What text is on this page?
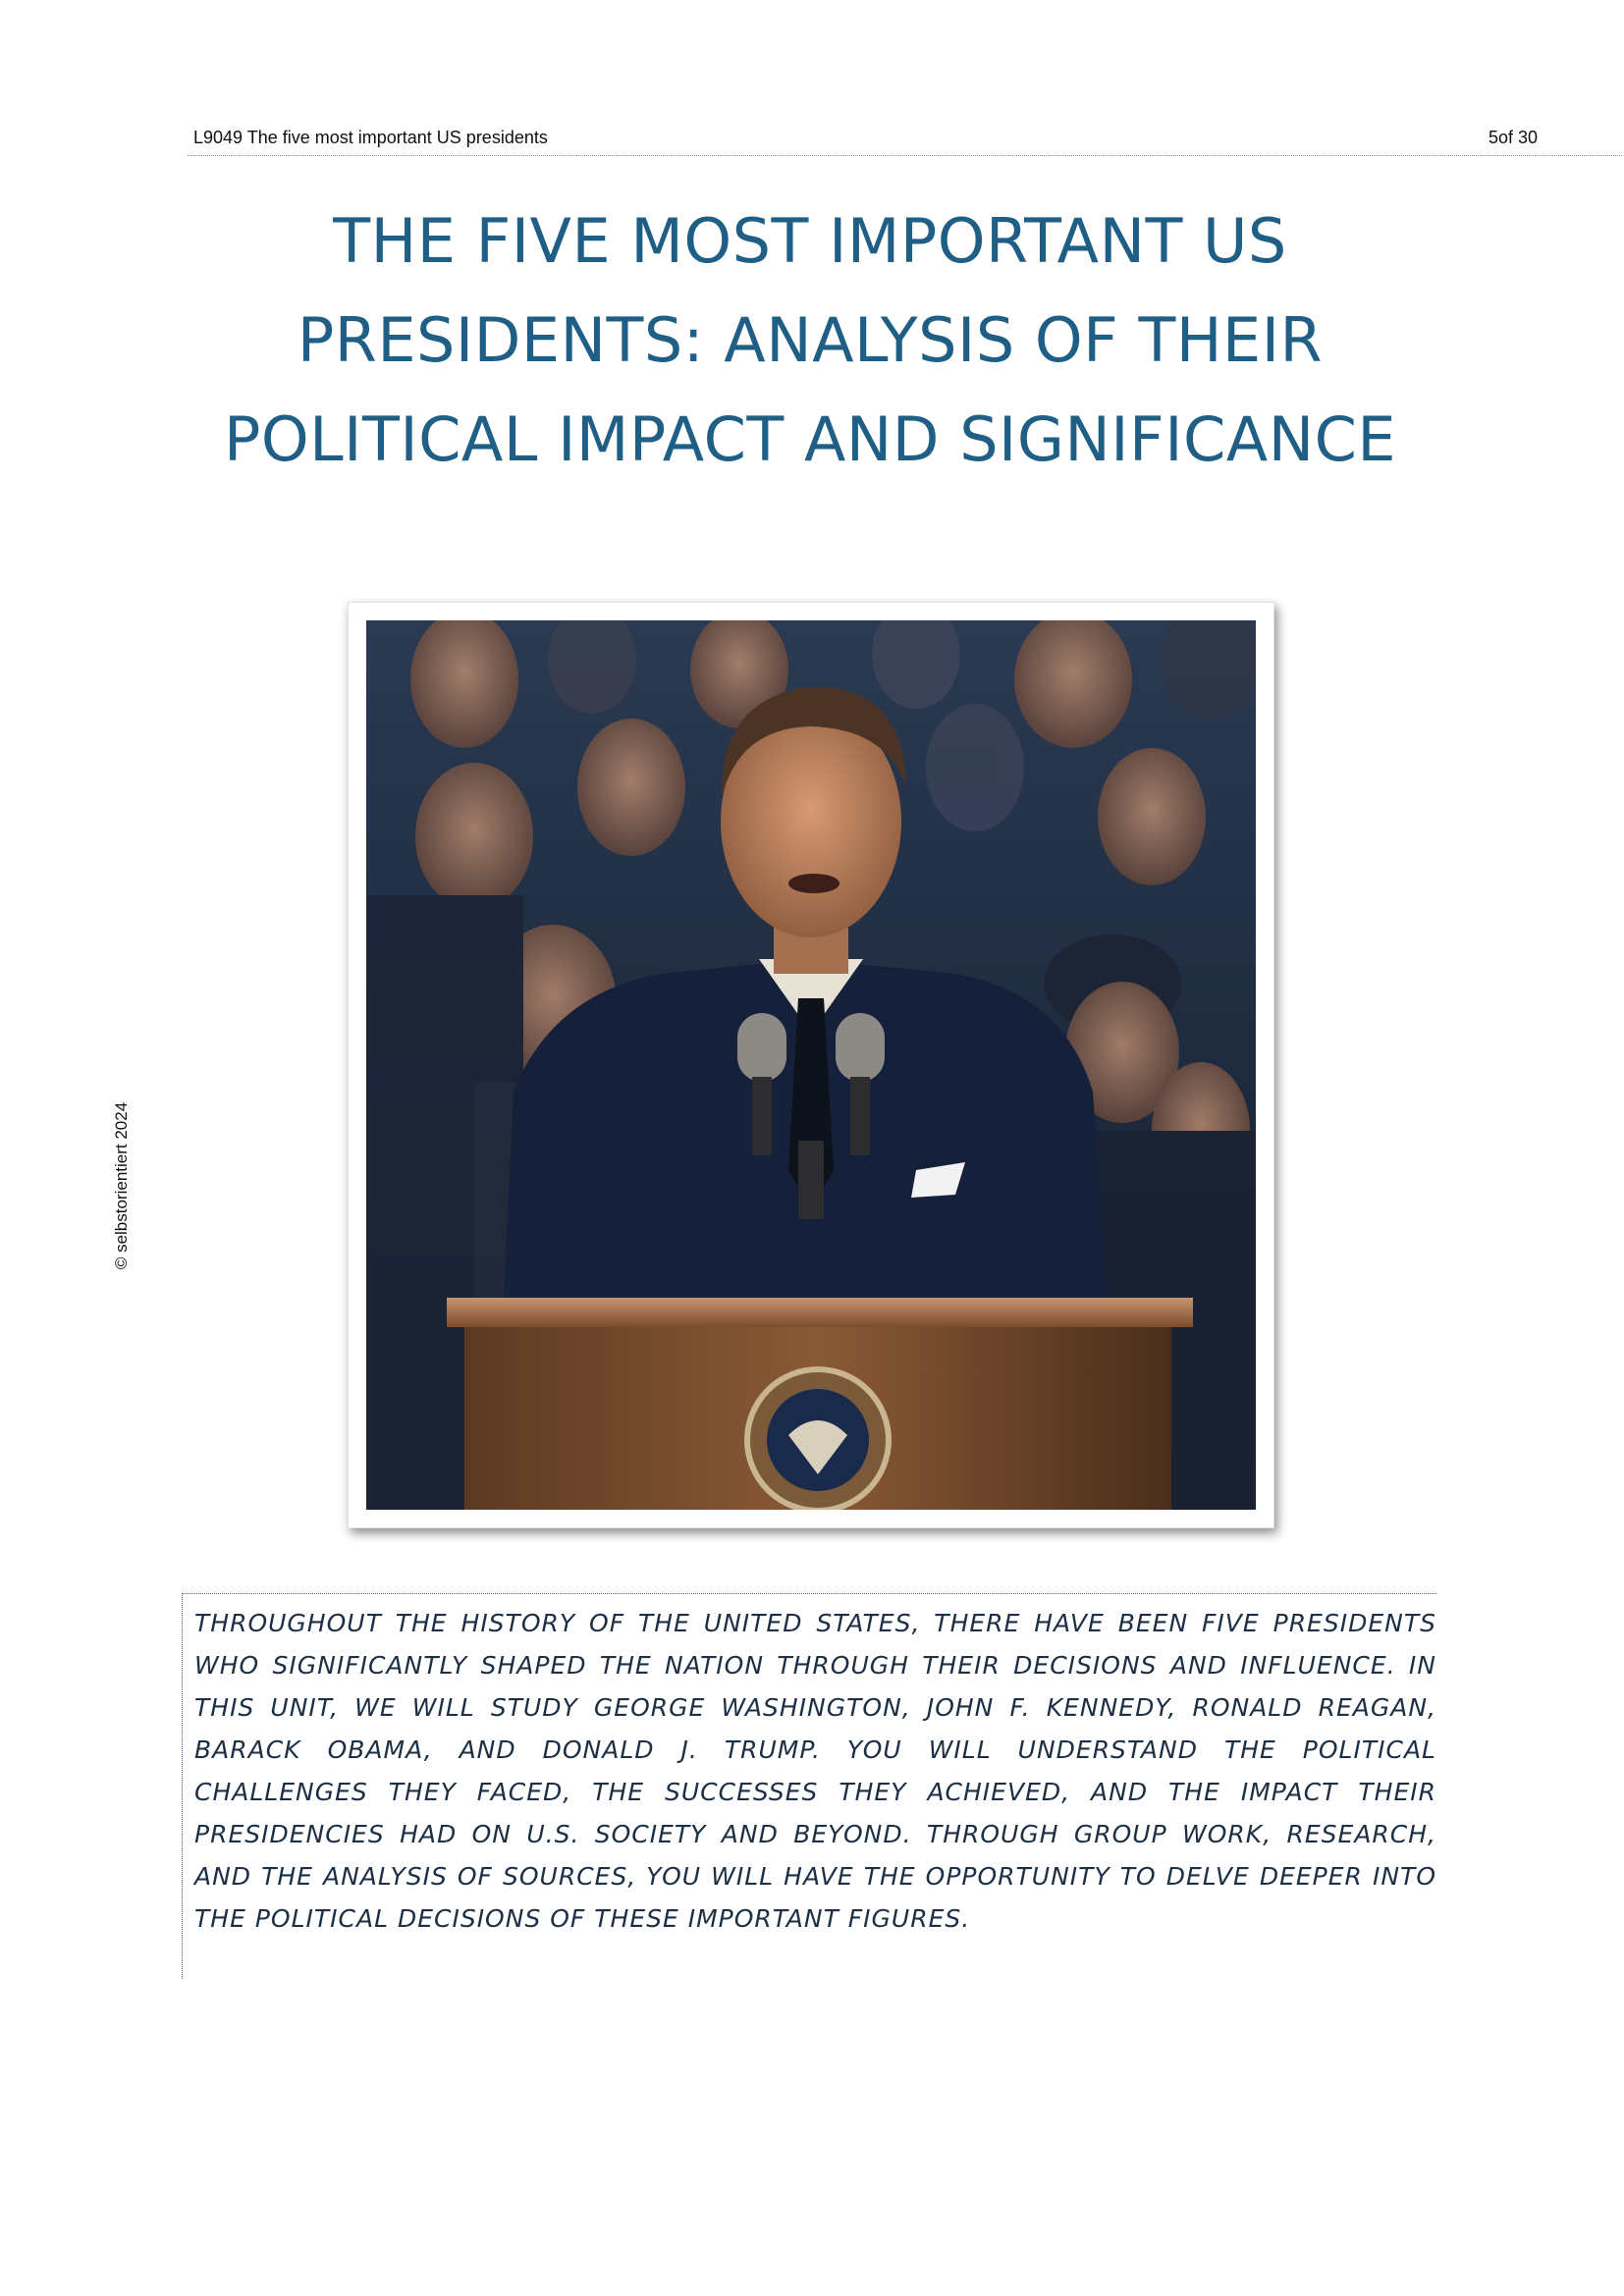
L9049 The five most important US presidents	5of 30
© selbstorientiert 2024
THE FIVE MOST IMPORTANT US PRESIDENTS: ANALYSIS OF THEIR POLITICAL IMPACT AND SIGNIFICANCE

THROUGHOUT THE HISTORY OF THE UNITED STATES, THERE HAVE BEEN FIVE PRESIDENTS WHO SIGNIFICANTLY SHAPED THE NATION THROUGH THEIR DECISIONS AND INFLUENCE. IN THIS UNIT, WE WILL STUDY GEORGE WASHINGTON, JOHN F. KENNEDY, RONALD REAGAN, BARACK OBAMA, AND DONALD J. TRUMP. YOU WILL UNDERSTAND THE POLITICAL CHALLENGES THEY FACED, THE SUCCESSES THEY ACHIEVED, AND THE IMPACT THEIR PRESIDENCIES HAD ON U.S. SOCIETY AND BEYOND. THROUGH GROUP WORK, RESEARCH, AND THE ANALYSIS OF SOURCES, YOU WILL HAVE THE OPPORTUNITY TO DELVE DEEPER INTO THE POLITICAL DECISIONS OF THESE IMPORTANT FIGURES.
